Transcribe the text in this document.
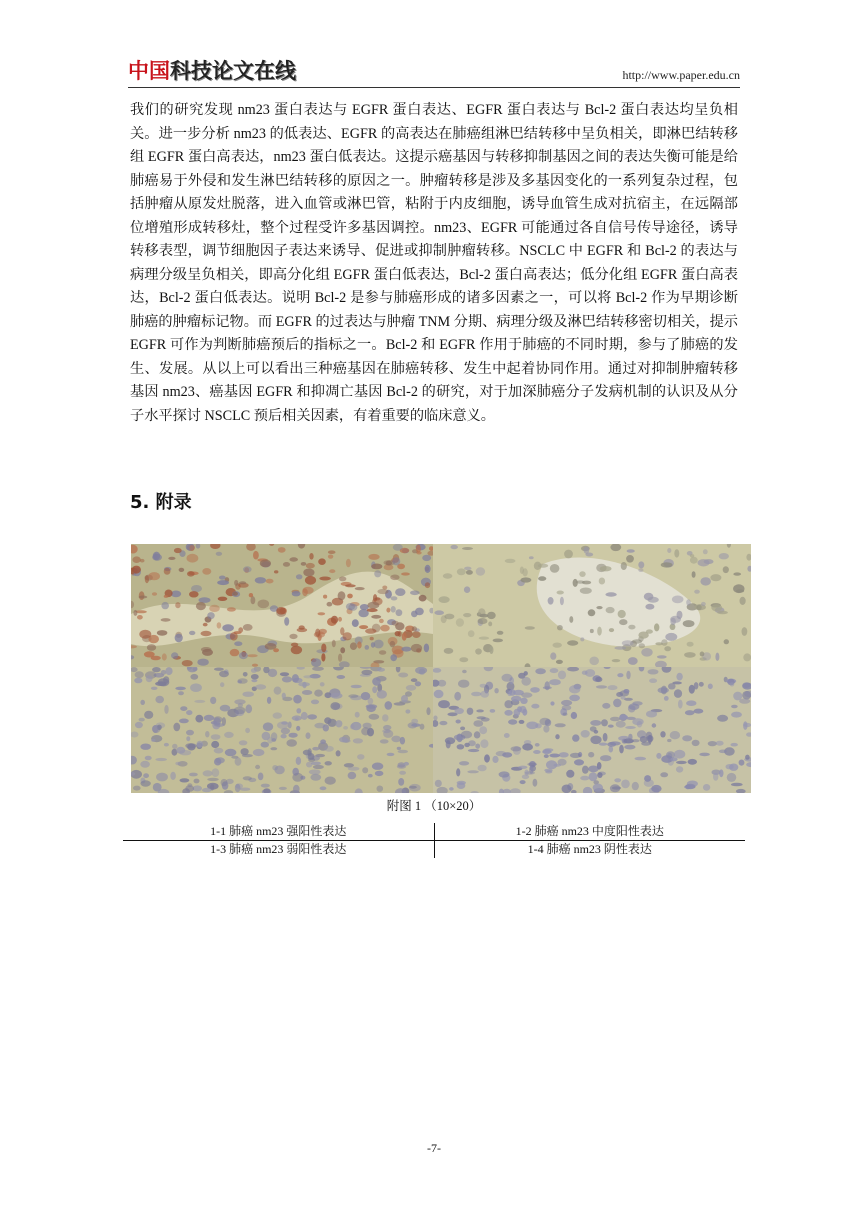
中国科技论文在线	http://www.paper.edu.cn

我们的研究发现 nm23 蛋白表达与 EGFR 蛋白表达、EGFR 蛋白表达与 Bcl-2 蛋白表达均呈负相关。进一步分析 nm23 的低表达、EGFR 的高表达在肺癌组淋巴结转移中呈负相关，即淋巴结转移组 EGFR 蛋白高表达，nm23 蛋白低表达。这提示癌基因与转移抑制基因之间的表达失衡可能是给肺癌易于外侵和发生淋巴结转移的原因之一。肿瘤转移是涉及多基因变化的一系列复杂过程，包括肿瘤从原发灶脱落，进入血管或淋巴管，粘附于内皮细胞，诱导血管生成对抗宿主，在远隔部位增殖形成转移灶，整个过程受许多基因调控。nm23、EGFR 可能通过各自信号传导途径，诱导转移表型，调节细胞因子表达来诱导、促进或抑制肿瘤转移。NSCLC 中 EGFR 和 Bcl-2 的表达与病理分级呈负相关，即高分化组 EGFR 蛋白低表达，Bcl-2 蛋白高表达；低分化组 EGFR 蛋白高表达，Bcl-2 蛋白低表达。说明 Bcl-2 是参与肺癌形成的诸多因素之一，可以将 Bcl-2 作为早期诊断肺癌的肿瘤标记物。而 EGFR 的过表达与肿瘤 TNM 分期、病理分级及淋巴结转移密切相关，提示 EGFR 可作为判断肺癌预后的指标之一。Bcl-2 和 EGFR 作用于肺癌的不同时期，参与了肺癌的发生、发展。从以上可以看出三种癌基因在肺癌转移、发生中起着协同作用。通过对抑制肿瘤转移基因 nm23、癌基因 EGFR 和抑凋亡基因 Bcl-2 的研究，对于加深肺癌分子发病机制的认识及从分子水平探讨 NSCLC 预后相关因素，有着重要的临床意义。

5. 附录
附图 1 （10×20）
1-1 肺癌 nm23 强阳性表达	1-2 肺癌 nm23 中度阳性表达
1-3 肺癌 nm23 弱阳性表达	1-4 肺癌 nm23 阴性表达
-7-
